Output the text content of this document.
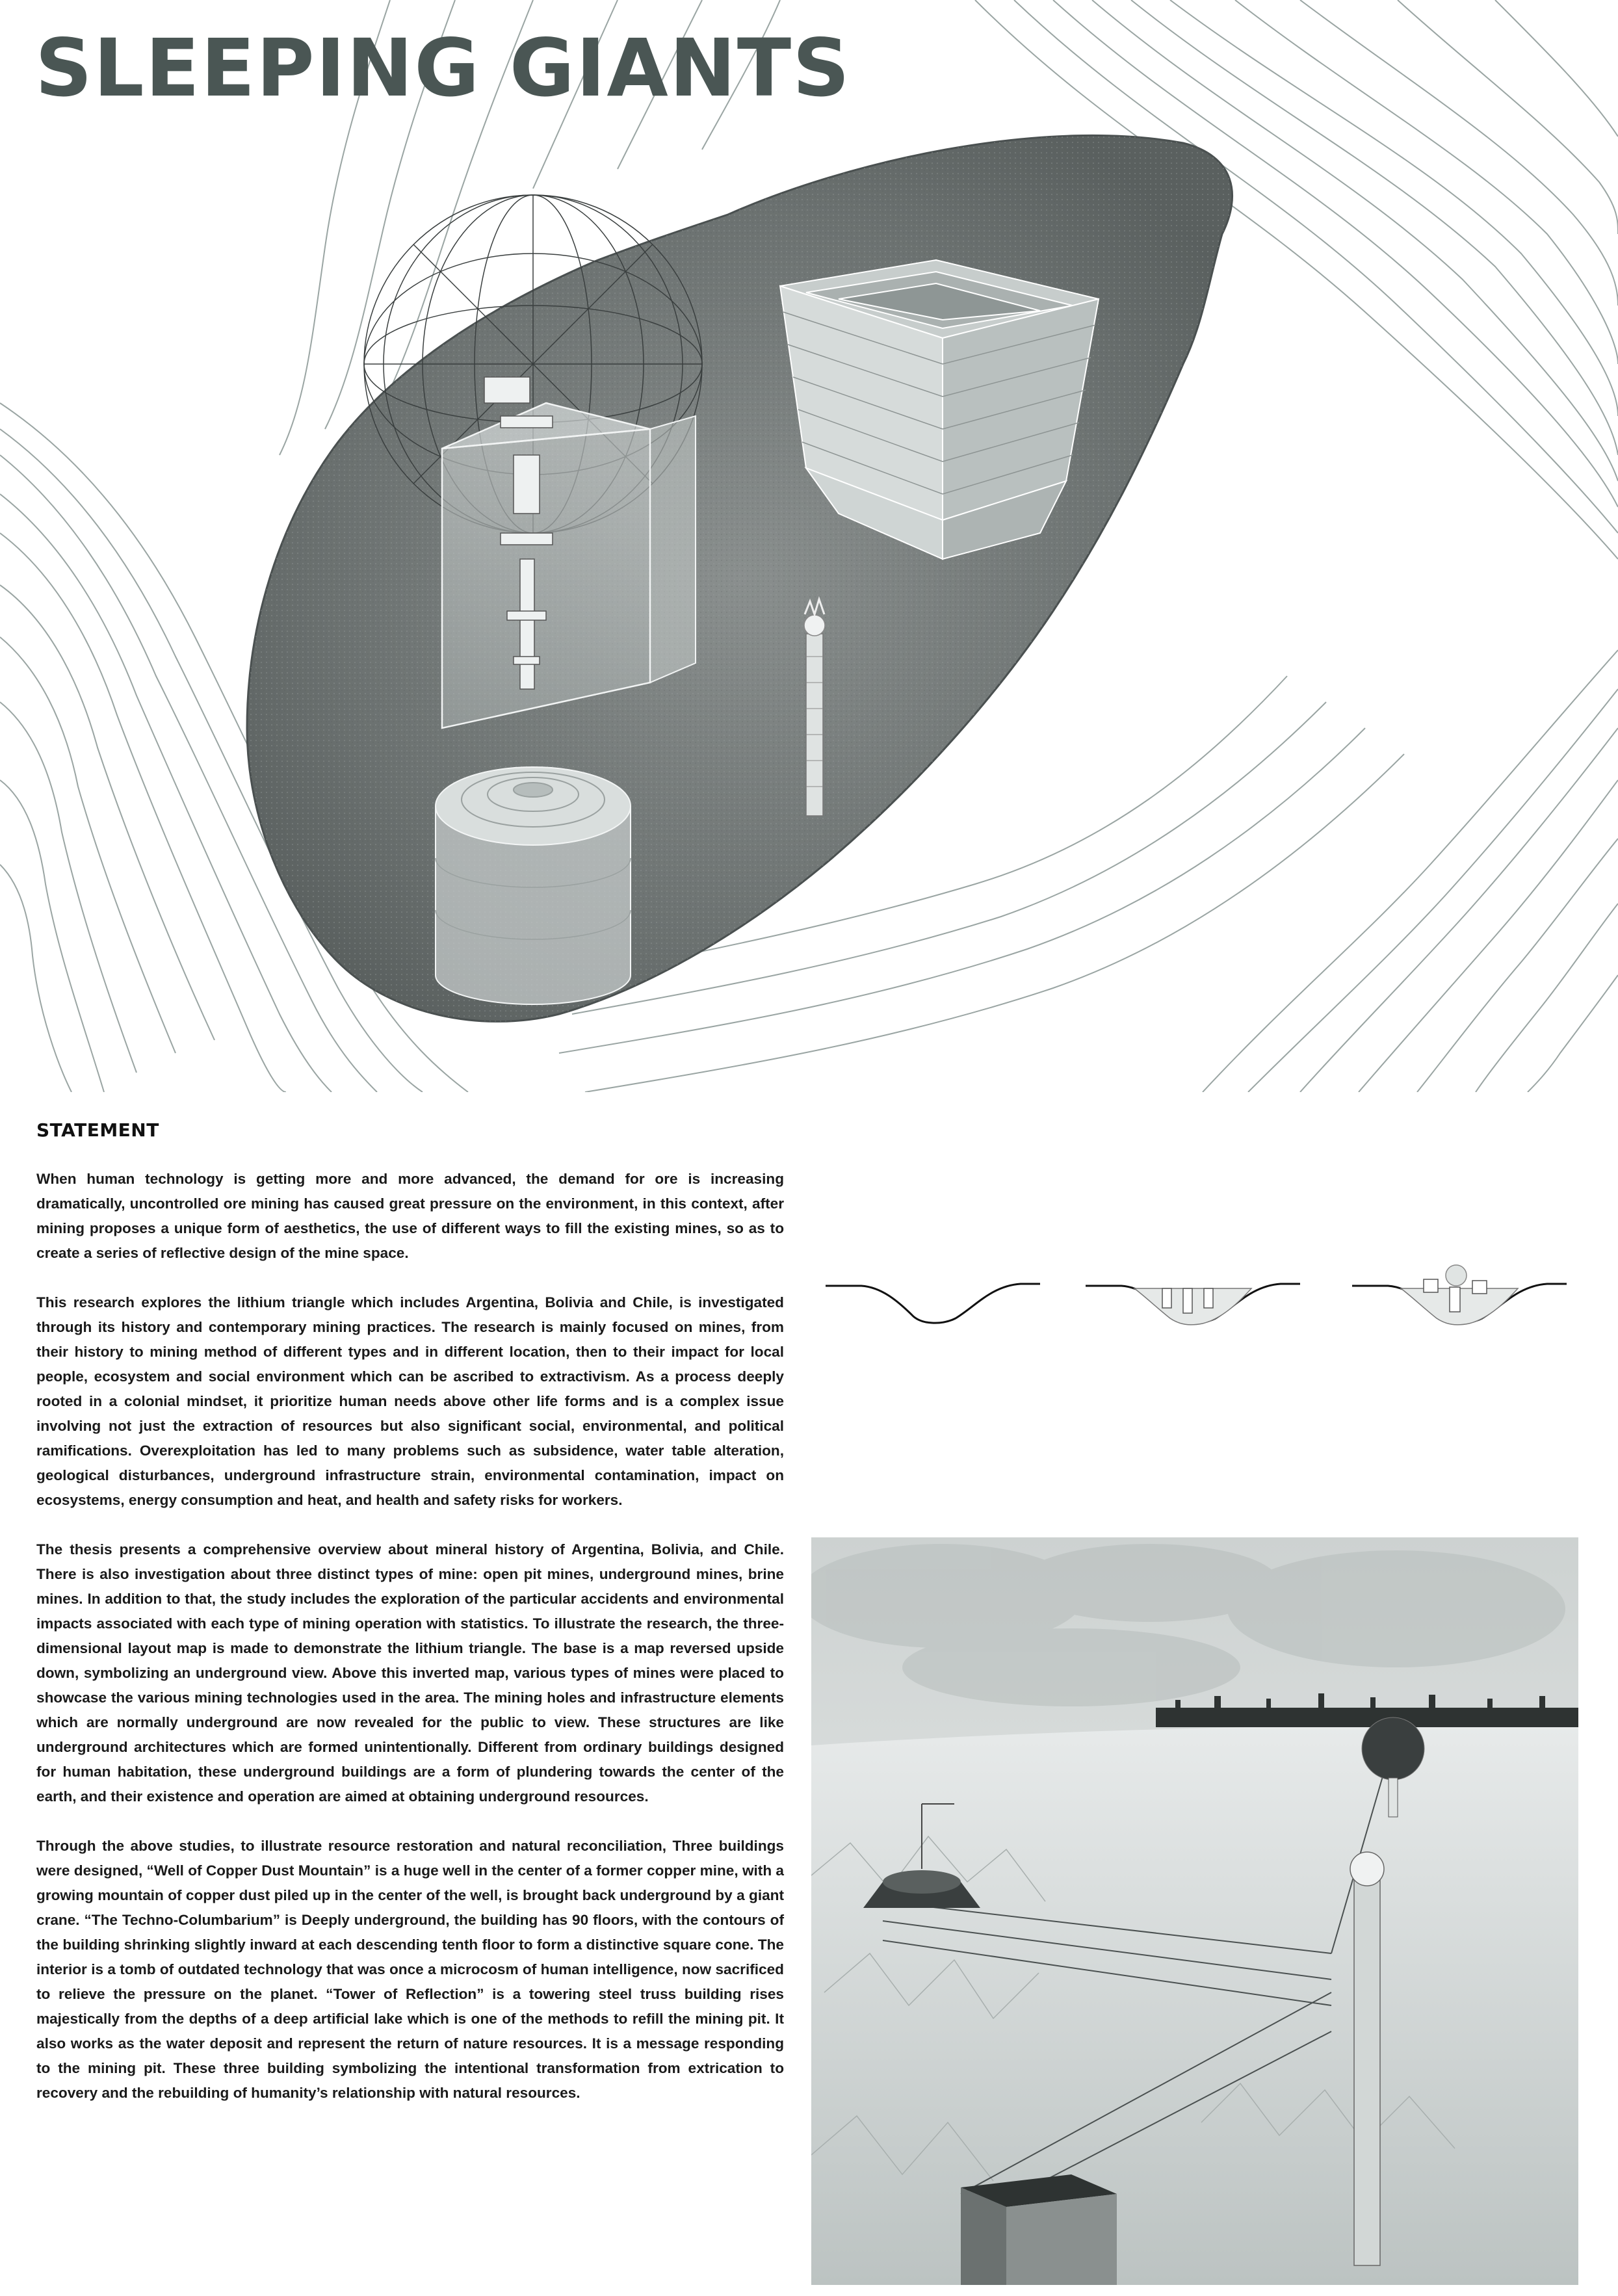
SLEEPING GIANTS
STATEMENT

When human technology is getting more and more advanced, the demand for ore is increasing dramatically, uncontrolled ore mining has caused great pressure on the environment, in this context, after mining proposes a unique form of aesthetics, the use of different ways to fill the existing mines, so as to create a series of reflective design of the mine space.

This research explores the lithium triangle which includes Argentina, Bolivia and Chile, is investigated through its history and contemporary mining practices. The research is mainly focused on mines, from their history to mining method of different types and in different location, then to their impact for local people, ecosystem and social environment which can be ascribed to extractivism. As a process deeply rooted in a colonial mindset, it prioritize human needs above other life forms and is a complex issue involving not just the extraction of resources but also significant social, environmental, and political ramifications. Overexploitation has led to many problems such as subsidence, water table alteration, geological disturbances, underground infrastructure strain, environmental contamination, impact on ecosystems, energy consumption and heat, and health and safety risks for workers.

The thesis presents a comprehensive overview about mineral history of Argentina, Bolivia, and Chile. There is also investigation about three distinct types of mine: open pit mines, underground mines, brine mines. In addition to that, the study includes the exploration of the particular accidents and environmental impacts associated with each type of mining operation with statistics. To illustrate the research, the three-dimensional layout map is made to demonstrate the lithium triangle. The base is a map reversed upside down, symbolizing an underground view. Above this inverted map, various types of mines were placed to showcase the various mining technologies used in the area. The mining holes and infrastructure elements which are normally underground are now revealed for the public to view. These structures are like underground architectures which are formed unintentionally. Different from ordinary buildings designed for human habitation, these underground buildings are a form of plundering towards the center of the earth, and their existence and operation are aimed at obtaining underground resources.

Through the above studies, to illustrate resource restoration and natural reconciliation, Three buildings were designed, “Well of Copper Dust Mountain” is a huge well in the center of a former copper mine, with a growing mountain of copper dust piled up in the center of the well, is brought back underground by a giant crane. “The Techno-Columbarium” is Deeply underground, the building has 90 floors, with the contours of the building shrinking slightly inward at each descending tenth floor to form a distinctive square cone. The interior is a tomb of outdated technology that was once a microcosm of human intelligence, now sacrificed to relieve the pressure on the planet. “Tower of Reflection” is a towering steel truss building rises majestically from the depths of a deep artificial lake which is one of the methods to refill the mining pit. It also works as the water deposit and represent the return of nature resources. It is a message responding to the mining pit. These three building symbolizing the intentional transformation from extrication to recovery and the rebuilding of humanity’s relationship with natural resources.
